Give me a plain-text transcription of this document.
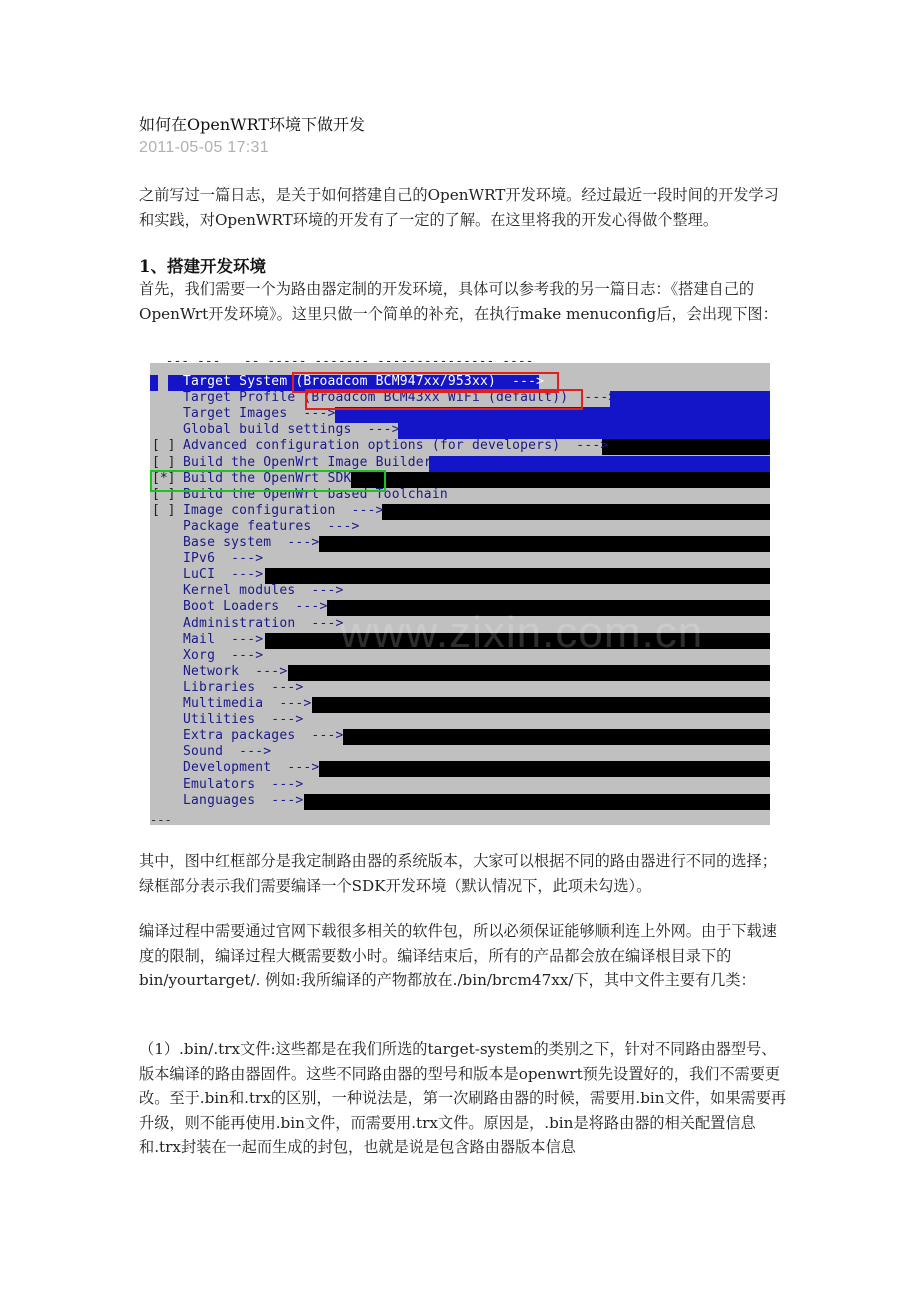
如何在OpenWRT环境下做开发
2011-05-05 17:31
之前写过一篇日志，是关于如何搭建自己的OpenWRT开发环境。经过最近一段时间的开发学习和实践，对OpenWRT环境的开发有了一定的了解。在这里将我的开发心得做个整理。
1、搭建开发环境
首先，我们需要一个为路由器定制的开发环境，具体可以参考我的另一篇日志：《搭建自己的OpenWrt开发环境》。这里只做一个简单的补充，在执行make menuconfig后，会出现下图：
--- ---   -- ----- ------- --------------- ----
Target System (Broadcom BCM947xx/953xx)  --->
Target Profile (Broadcom BCM43xx WiFi (default))  --->
Target Images  --->
Global build settings  --->
[ ] Advanced configuration options (for developers)  --->
[ ] Build the OpenWrt Image Builder
[*] Build the OpenWrt SDK
[ ] Build the OpenWrt based Toolchain
[ ] Image configuration  --->
Package features  --->
Base system  --->
IPv6  --->
LuCI  --->
Kernel modules  --->
Boot Loaders  --->
Administration  --->
Mail  --->
Xorg  --->
Network  --->
Libraries  --->
Multimedia  --->
Utilities  --->
Extra packages  --->
Sound  --->
Development  --->
Emulators  --->
Languages  --->
www.zixin.com.cn
---
其中，图中红框部分是我定制路由器的系统版本，大家可以根据不同的路由器进行不同的选择；绿框部分表示我们需要编译一个SDK开发环境（默认情况下，此项未勾选）。
编译过程中需要通过官网下载很多相关的软件包，所以必须保证能够顺利连上外网。由于下载速度的限制，编译过程大概需要数小时。编译结束后，所有的产品都会放在编译根目录下的bin/yourtarget/. 例如:我所编译的产物都放在./bin/brcm47xx/下，其中文件主要有几类：
（1）.bin/.trx文件:这些都是在我们所选的target-system的类别之下，针对不同路由器型号、版本编译的路由器固件。这些不同路由器的型号和版本是openwrt预先设置好的，我们不需要更改。至于.bin和.trx的区别，一种说法是，第一次刷路由器的时候，需要用.bin文件，如果需要再升级，则不能再使用.bin文件，而需要用.trx文件。原因是，.bin是将路由器的相关配置信息和.trx封装在一起而生成的封包，也就是说是包含路由器版本信息
